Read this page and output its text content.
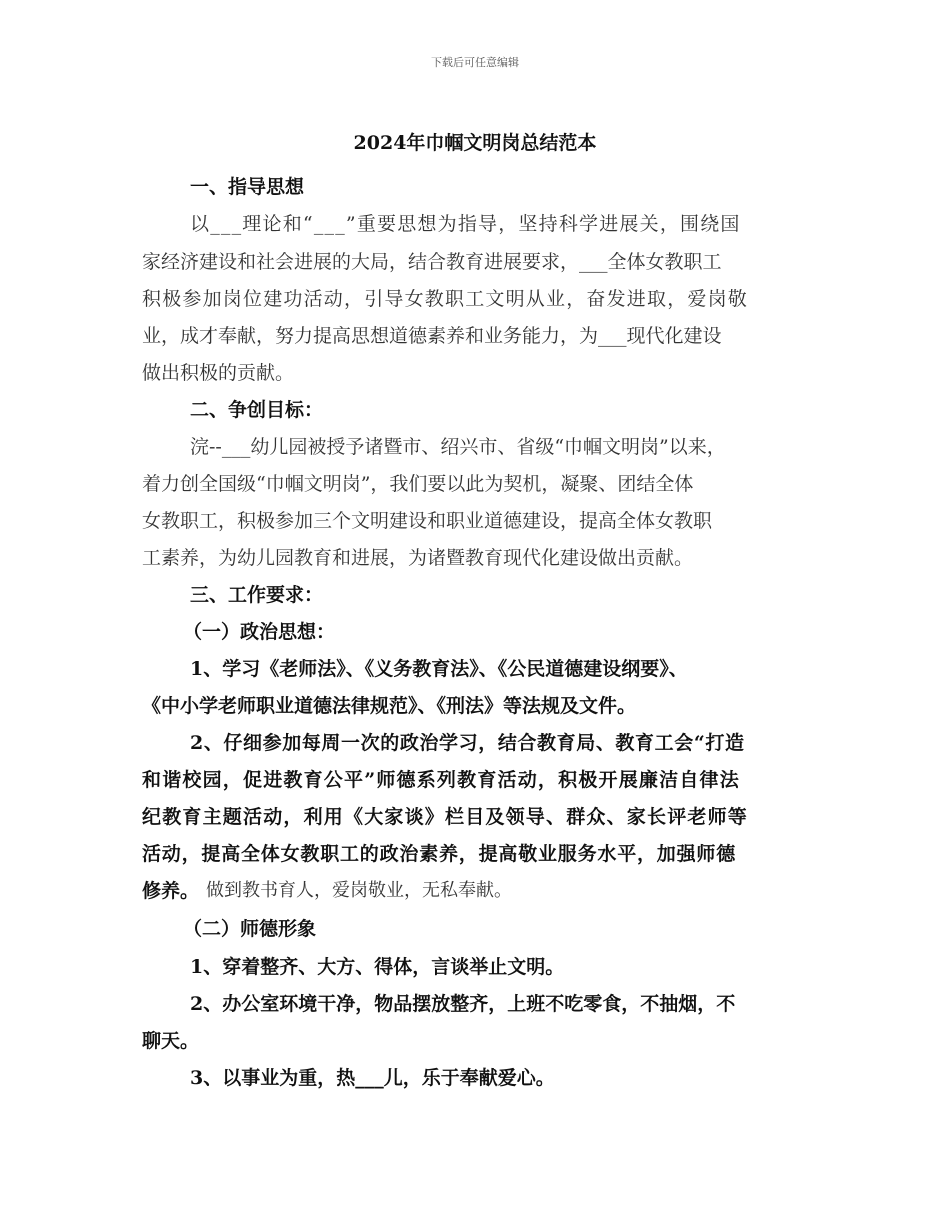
下载后可任意编辑
2024年巾帼文明岗总结范本
一、指导思想
以___理论和“___”重要思想为指导，坚持科学进展关，围绕国
家经济建设和社会进展的大局，结合教育进展要求，___全体女教职工
积极参加岗位建功活动，引导女教职工文明从业，奋发进取，爱岗敬
业，成才奉献，努力提高思想道德素养和业务能力，为___现代化建设
做出积极的贡献。
二、争创目标：
浣--___幼儿园被授予诸暨市、绍兴市、省级“巾帼文明岗”以来，
着力创全国级“巾帼文明岗”，我们要以此为契机，凝聚、团结全体
女教职工，积极参加三个文明建设和职业道德建设，提高全体女教职
工素养，为幼儿园教育和进展，为诸暨教育现代化建设做出贡献。
三、工作要求：
（一）政治思想：
1、学习《老师法》、《义务教育法》、《公民道德建设纲要》、
《中小学老师职业道德法律规范》、《刑法》等法规及文件。
2、仔细参加每周一次的政治学习，结合教育局、教育工会“打造
和谐校园，促进教育公平”师德系列教育活动，积极开展廉洁自律法
纪教育主题活动，利用《大家谈》栏目及领导、群众、家长评老师等
活动，提高全体女教职工的政治素养，提高敬业服务水平，加强师德
修养。 做到教书育人，爱岗敬业，无私奉献。
（二）师德形象
1、穿着整齐、大方、得体，言谈举止文明。
2、办公室环境干净，物品摆放整齐，上班不吃零食，不抽烟，不
聊天。
3、以事业为重，热___儿，乐于奉献爱心。
